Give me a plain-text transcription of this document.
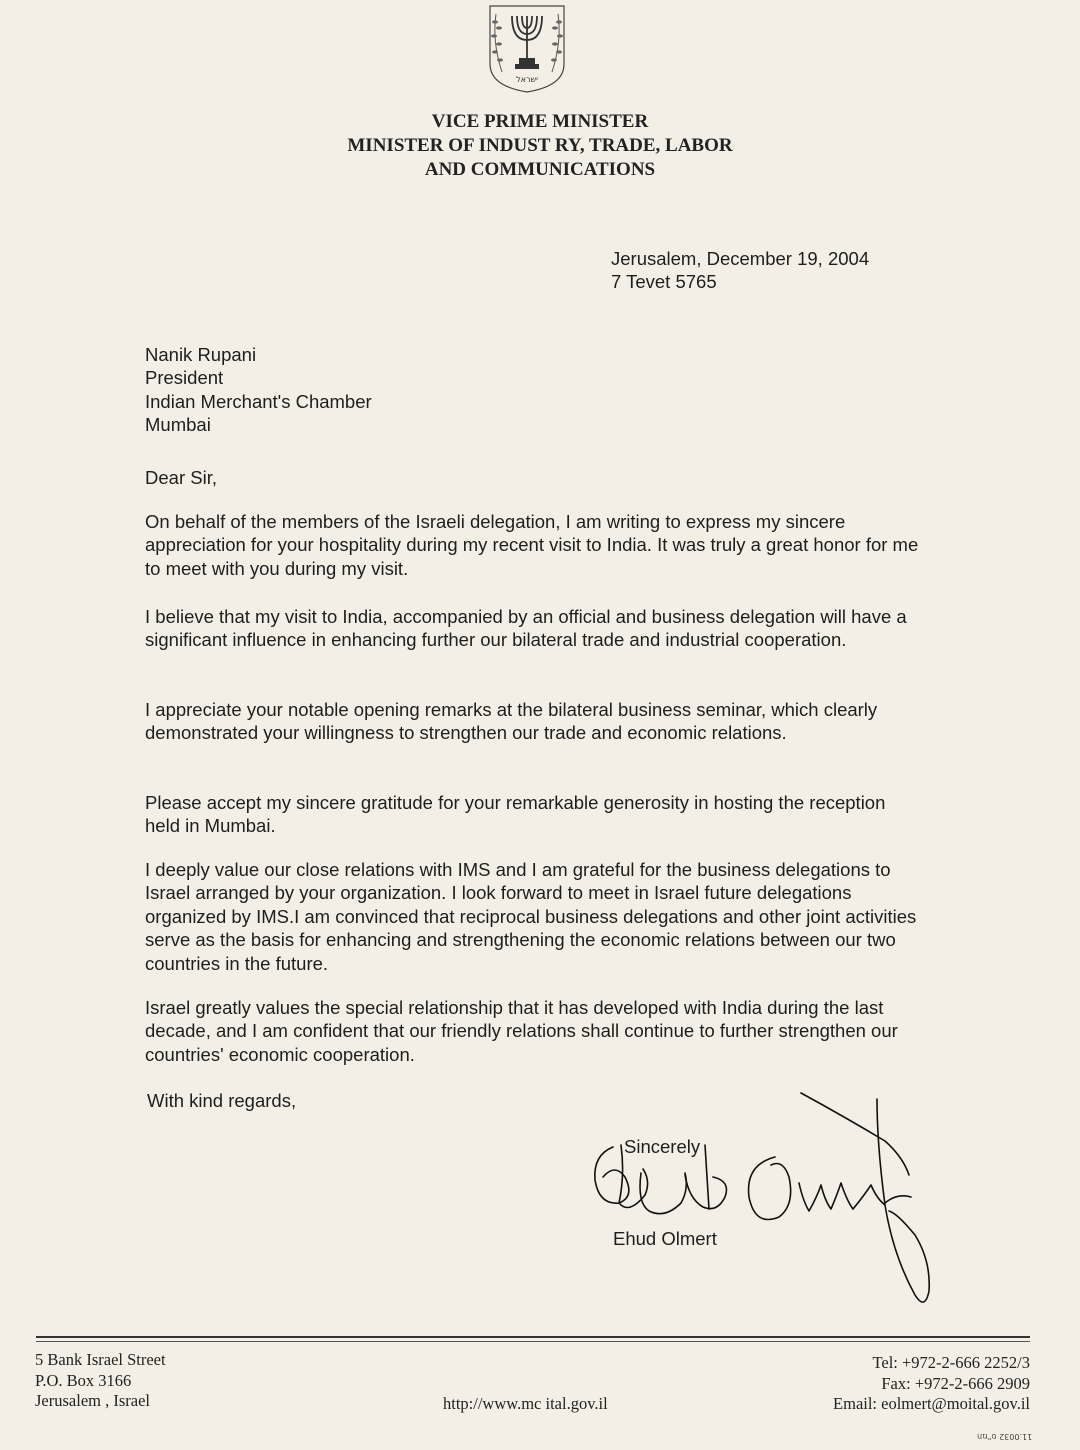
ישראל
VICE PRIME MINISTER
MINISTER OF INDUST RY, TRADE, LABOR
AND COMMUNICATIONS
Jerusalem, December 19, 2004
7 Tevet 5765
Nanik Rupani
President
Indian Merchant's Chamber
Mumbai
Dear Sir,

On behalf of the members of the Israeli delegation, I am writing to express my sincere appreciation for your hospitality during my recent visit to India. It was truly a great honor for me to meet with you during my visit.

I believe that my visit to India, accompanied by an official and business delegation will have a significant influence in enhancing further our bilateral trade and industrial cooperation.

I appreciate your notable opening remarks at the bilateral business seminar, which clearly demonstrated your willingness to strengthen our trade and economic relations.

Please accept my sincere gratitude for your remarkable generosity in hosting the reception held in Mumbai.

I deeply value our close relations with IMS and I am grateful for the business delegations to Israel arranged by your organization. I look forward to meet in Israel future delegations organized by IMS.I am convinced that reciprocal business delegations and other joint activities serve as the basis for enhancing and strengthening the economic relations between our two countries in the future.

Israel greatly values the special relationship that it has developed with India during the last decade, and I am confident that our friendly relations shall continue to further strengthen our countries' economic cooperation.

With kind regards,
Sincerely
Ehud Olmert
5 Bank Israel Street
P.O. Box 3166
Jerusalem , Israel	http://www.mc ital.gov.il
Tel: +972-2-666 2252/3
Fax: +972-2-666 2909
Email: eolmert@moital.gov.il
11.0032 תמ"ס
